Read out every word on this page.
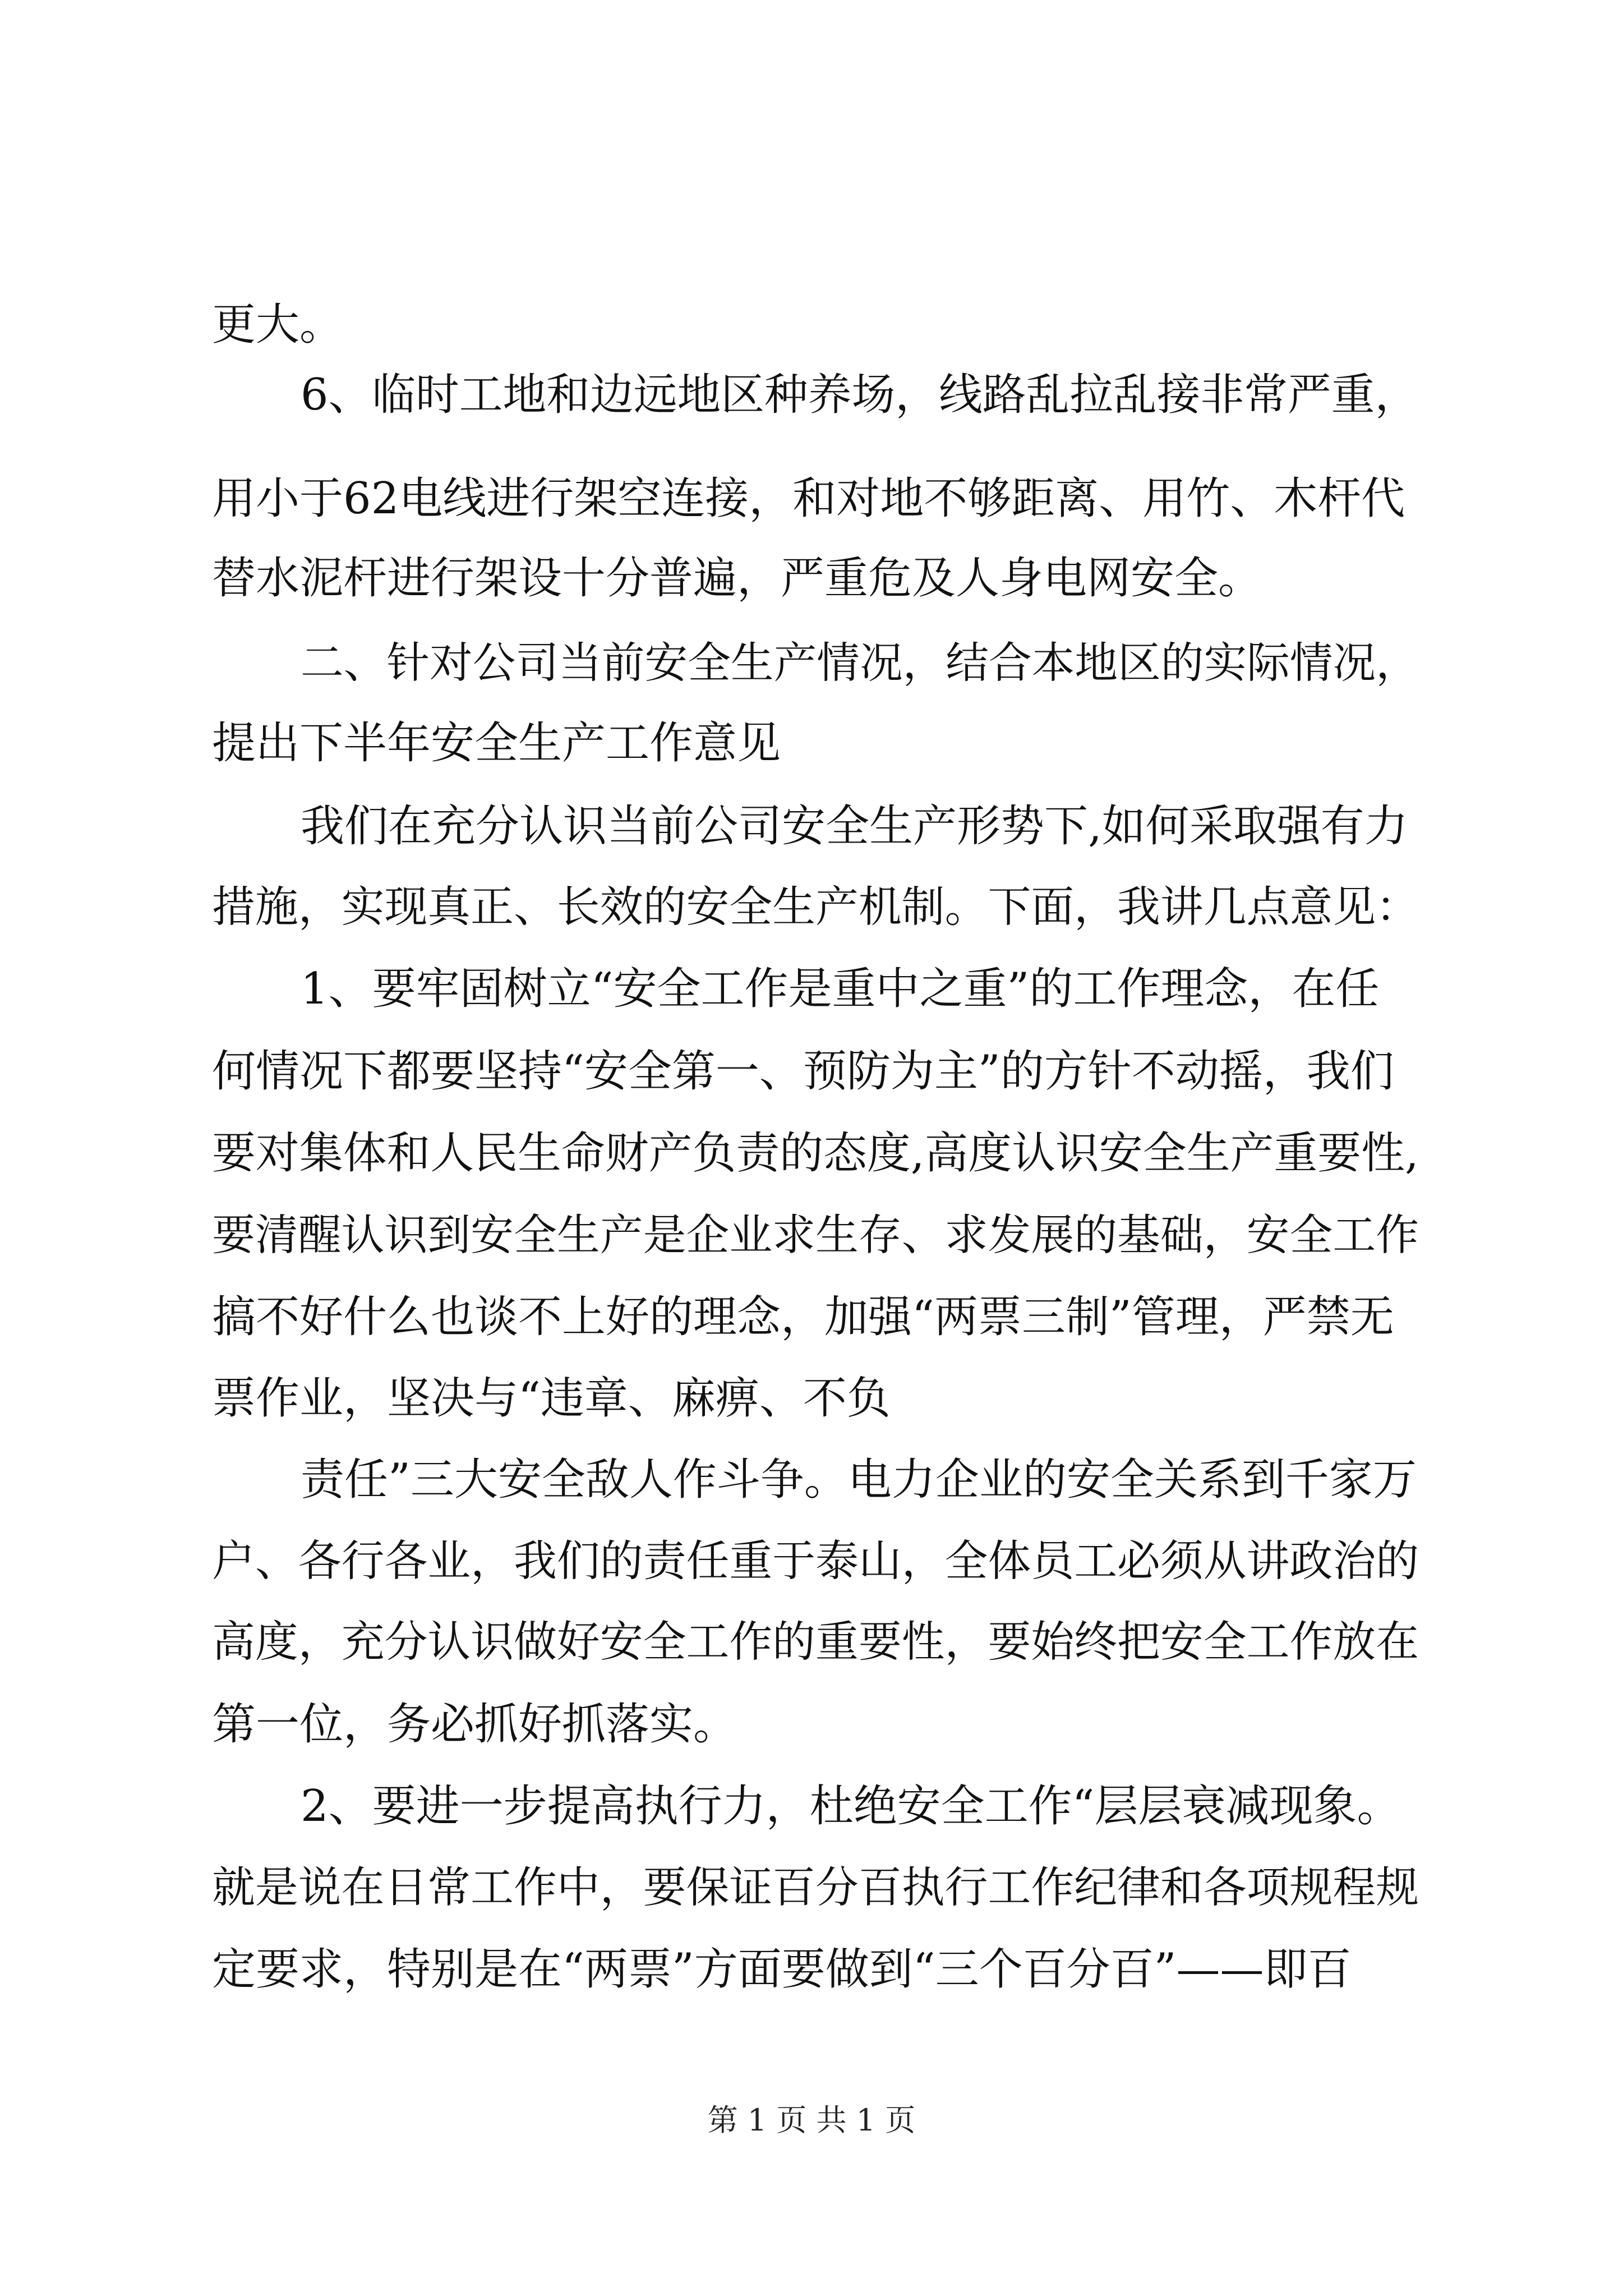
更大。

6、临时工地和边远地区种养场，线路乱拉乱接非常严重，

用小于62电线进行架空连接，和对地不够距离、用竹、木杆代

替水泥杆进行架设十分普遍，严重危及人身电网安全。

二、针对公司当前安全生产情况，结合本地区的实际情况，

提出下半年安全生产工作意见

我们在充分认识当前公司安全生产形势下,如何采取强有力

措施，实现真正、长效的安全生产机制。下面，我讲几点意见：

1、要牢固树立“安全工作是重中之重”的工作理念，在任

何情况下都要坚持“安全第一、预防为主”的方针不动摇，我们

要对集体和人民生命财产负责的态度,高度认识安全生产重要性,

要清醒认识到安全生产是企业求生存、求发展的基础，安全工作

搞不好什么也谈不上好的理念，加强“两票三制”管理，严禁无

票作业，坚决与“违章、麻痹、不负

责任”三大安全敌人作斗争。电力企业的安全关系到千家万

户、各行各业，我们的责任重于泰山，全体员工必须从讲政治的

高度，充分认识做好安全工作的重要性，要始终把安全工作放在

第一位，务必抓好抓落实。

2、要进一步提高执行力，杜绝安全工作“层层衰减现象。

就是说在日常工作中，要保证百分百执行工作纪律和各项规程规

定要求，特别是在“两票”方面要做到“三个百分百”——即百

第 1 页 共 1 页
